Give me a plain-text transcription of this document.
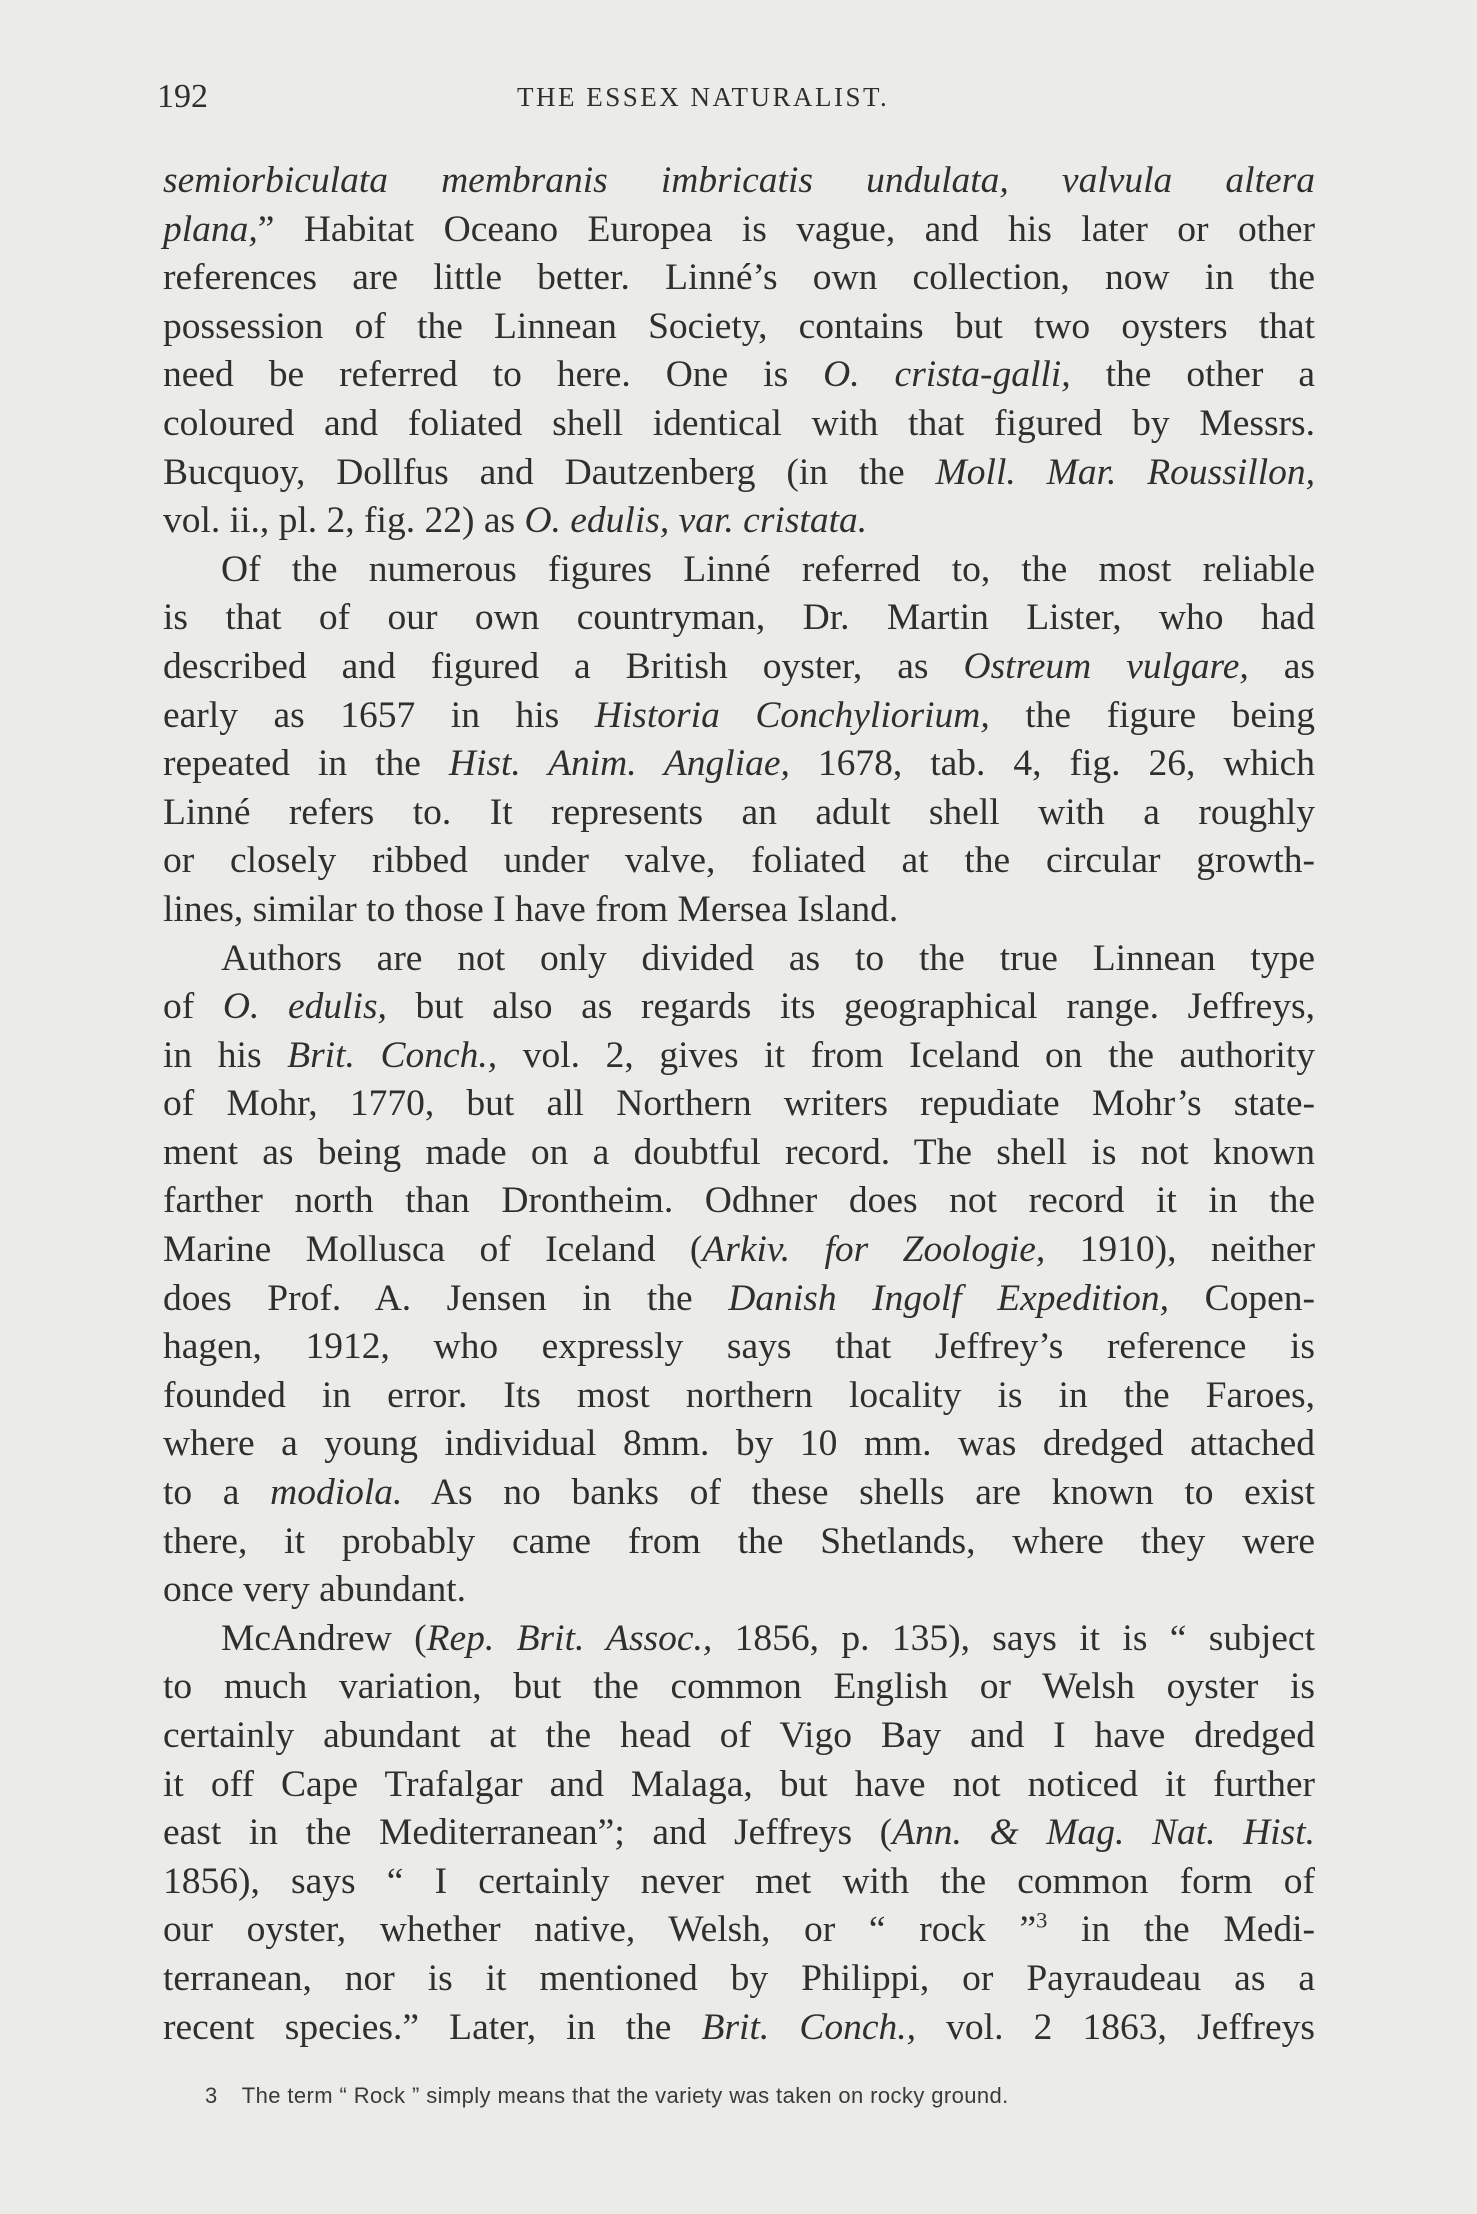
192	THE ESSEX NATURALIST.
semiorbiculata membranis imbricatis undulata, valvula altera
plana,” Habitat Oceano Europea is vague, and his later or other
references are little better. Linné’s own collection, now in the
possession of the Linnean Society, contains but two oysters that
need be referred to here. One is O. crista-galli, the other a
coloured and foliated shell identical with that figured by Messrs.
Bucquoy, Dollfus and Dautzenberg (in the Moll. Mar. Roussillon,
vol. ii., pl. 2, fig. 22) as O. edulis, var. cristata.
Of the numerous figures Linné referred to, the most reliable
is that of our own countryman, Dr. Martin Lister, who had
described and figured a British oyster, as Ostreum vulgare, as
early as 1657 in his Historia Conchyliorium, the figure being
repeated in the Hist. Anim. Angliae, 1678, tab. 4, fig. 26, which
Linné refers to. It represents an adult shell with a roughly
or closely ribbed under valve, foliated at the circular growth-
lines, similar to those I have from Mersea Island.
Authors are not only divided as to the true Linnean type
of O. edulis, but also as regards its geographical range. Jeffreys,
in his Brit. Conch., vol. 2, gives it from Iceland on the authority
of Mohr, 1770, but all Northern writers repudiate Mohr’s state-
ment as being made on a doubtful record. The shell is not known
farther north than Drontheim. Odhner does not record it in the
Marine Mollusca of Iceland (Arkiv. for Zoologie, 1910), neither
does Prof. A. Jensen in the Danish Ingolf Expedition, Copen-
hagen, 1912, who expressly says that Jeffrey’s reference is
founded in error. Its most northern locality is in the Faroes,
where a young individual 8mm. by 10 mm. was dredged attached
to a modiola. As no banks of these shells are known to exist
there, it probably came from the Shetlands, where they were
once very abundant.
McAndrew (Rep. Brit. Assoc., 1856, p. 135), says it is “ subject
to much variation, but the common English or Welsh oyster is
certainly abundant at the head of Vigo Bay and I have dredged
it off Cape Trafalgar and Malaga, but have not noticed it further
east in the Mediterranean”; and Jeffreys (Ann. & Mag. Nat. Hist.
1856), says “ I certainly never met with the common form of
our oyster, whether native, Welsh, or “ rock ”$^3$ in the Medi-
terranean, nor is it mentioned by Philippi, or Payraudeau as a
recent species.” Later, in the Brit. Conch., vol. 2 1863, Jeffreys
3 The term “ Rock ” simply means that the variety was taken on rocky ground.
